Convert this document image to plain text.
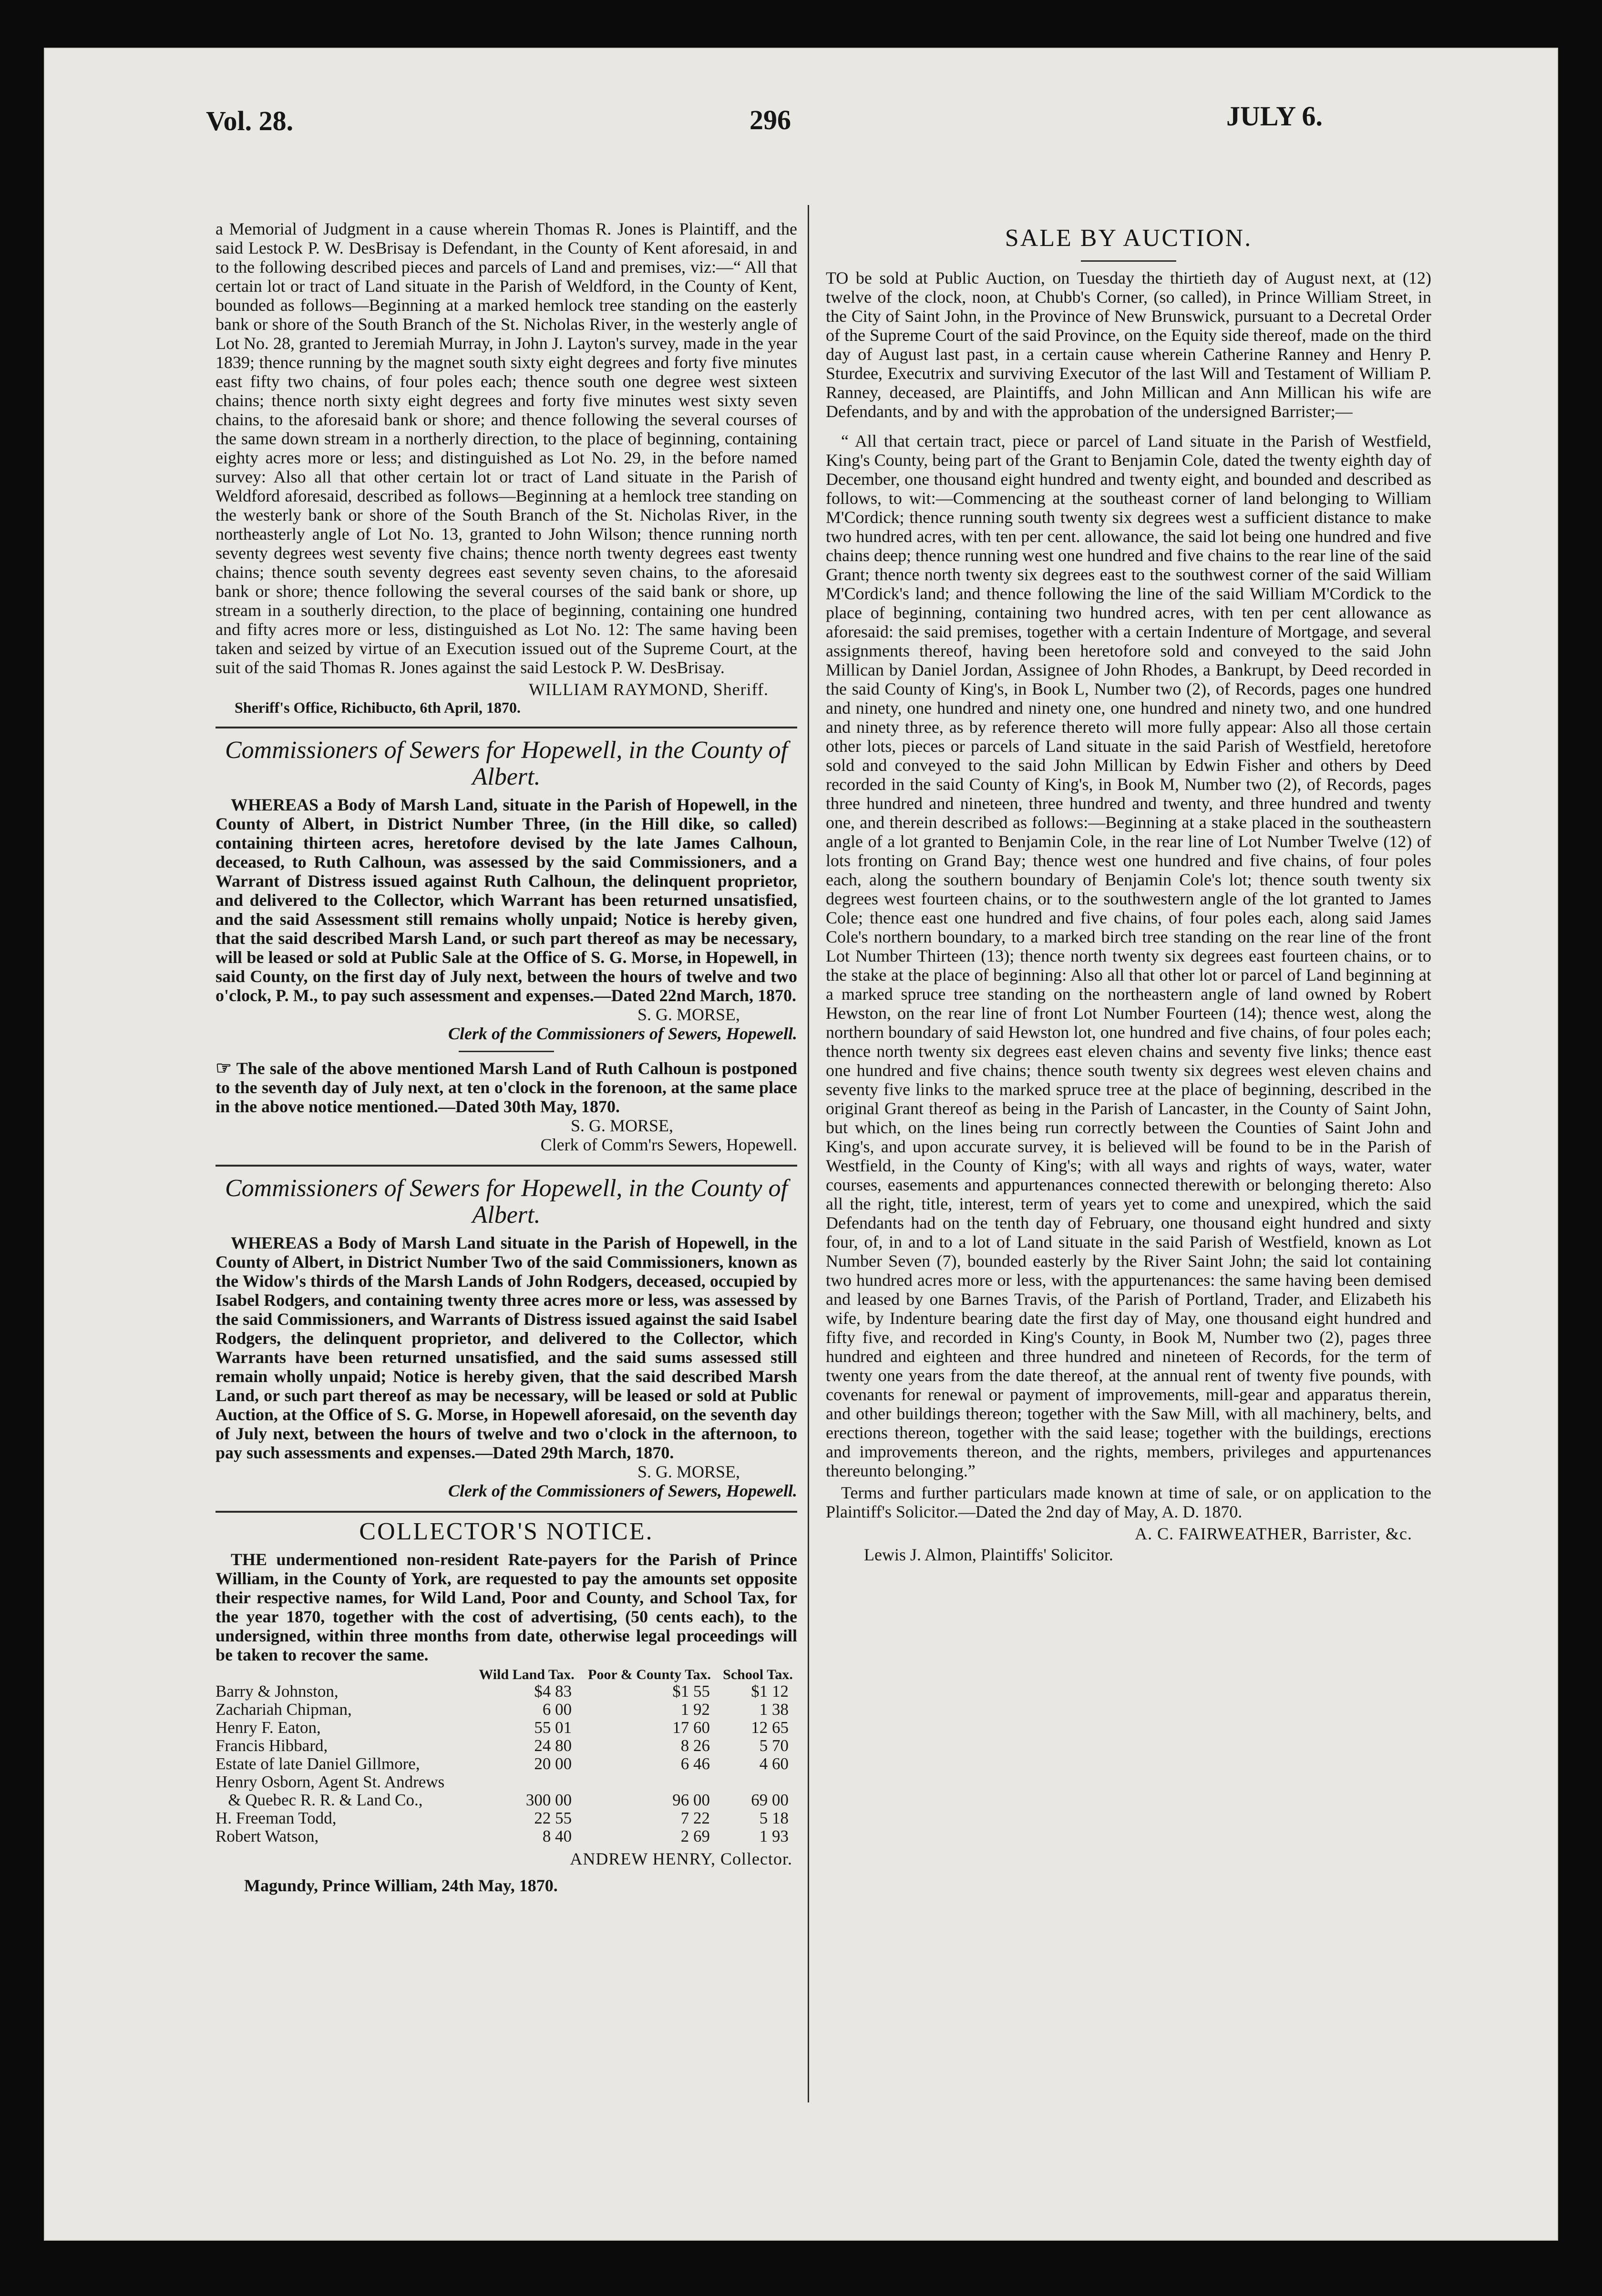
Vol. 28.	296	JULY 6.

a Memorial of Judgment in a cause wherein Thomas R. Jones is Plaintiff, and the said Lestock P. W. DesBrisay is Defendant, in the County of Kent aforesaid, in and to the following described pieces and parcels of Land and premises, viz:—“ All that certain lot or tract of Land situate in the Parish of Weldford, in the County of Kent, bounded as follows—Beginning at a marked hemlock tree standing on the easterly bank or shore of the South Branch of the St. Nicholas River, in the westerly angle of Lot No. 28, granted to Jeremiah Murray, in John J. Layton's survey, made in the year 1839; thence running by the magnet south sixty eight degrees and forty five minutes east fifty two chains, of four poles each; thence south one degree west sixteen chains; thence north sixty eight degrees and forty five minutes west sixty seven chains, to the aforesaid bank or shore; and thence following the several courses of the same down stream in a northerly direction, to the place of beginning, containing eighty acres more or less; and distinguished as Lot No. 29, in the before named survey: Also all that other certain lot or tract of Land situate in the Parish of Weldford aforesaid, described as follows—Beginning at a hemlock tree standing on the westerly bank or shore of the South Branch of the St. Nicholas River, in the northeasterly angle of Lot No. 13, granted to John Wilson; thence running north seventy degrees west seventy five chains; thence north twenty degrees east twenty chains; thence south seventy degrees east seventy seven chains, to the aforesaid bank or shore; thence following the several courses of the said bank or shore, up stream in a southerly direction, to the place of beginning, containing one hundred and fifty acres more or less, distinguished as Lot No. 12: The same having been taken and seized by virtue of an Execution issued out of the Supreme Court, at the suit of the said Thomas R. Jones against the said Lestock P. W. DesBrisay.

WILLIAM RAYMOND, Sheriff.

Sheriff's Office, Richibucto, 6th April, 1870.

Commissioners of Sewers for Hopewell, in the County of Albert.

WHEREAS a Body of Marsh Land, situate in the Parish of Hopewell, in the County of Albert, in District Number Three, (in the Hill dike, so called) containing thirteen acres, heretofore devised by the late James Calhoun, deceased, to Ruth Calhoun, was assessed by the said Commissioners, and a Warrant of Distress issued against Ruth Calhoun, the delinquent proprietor, and delivered to the Collector, which Warrant has been returned unsatisfied, and the said Assessment still remains wholly unpaid; Notice is hereby given, that the said described Marsh Land, or such part thereof as may be necessary, will be leased or sold at Public Sale at the Office of S. G. Morse, in Hopewell, in said County, on the first day of July next, between the hours of twelve and two o'clock, P. M., to pay such assessment and expenses.—Dated 22nd March, 1870.

S. G. MORSE,

Clerk of the Commissioners of Sewers, Hopewell.

☞ The sale of the above mentioned Marsh Land of Ruth Calhoun is postponed to the seventh day of July next, at ten o'clock in the forenoon, at the same place in the above notice mentioned.—Dated 30th May, 1870.

S. G. MORSE,

Clerk of Comm'rs Sewers, Hopewell.

Commissioners of Sewers for Hopewell, in the County of Albert.

WHEREAS a Body of Marsh Land situate in the Parish of Hopewell, in the County of Albert, in District Number Two of the said Commissioners, known as the Widow's thirds of the Marsh Lands of John Rodgers, deceased, occupied by Isabel Rodgers, and containing twenty three acres more or less, was assessed by the said Commissioners, and Warrants of Distress issued against the said Isabel Rodgers, the delinquent proprietor, and delivered to the Collector, which Warrants have been returned unsatisfied, and the said sums assessed still remain wholly unpaid; Notice is hereby given, that the said described Marsh Land, or such part thereof as may be necessary, will be leased or sold at Public Auction, at the Office of S. G. Morse, in Hopewell aforesaid, on the seventh day of July next, between the hours of twelve and two o'clock in the afternoon, to pay such assessments and expenses.—Dated 29th March, 1870.

S. G. MORSE,

Clerk of the Commissioners of Sewers, Hopewell.

COLLECTOR'S NOTICE.

THE undermentioned non-resident Rate-payers for the Parish of Prince William, in the County of York, are requested to pay the amounts set opposite their respective names, for Wild Land, Poor and County, and School Tax, for the year 1870, together with the cost of advertising, (50 cents each), to the undersigned, within three months from date, otherwise legal proceedings will be taken to recover the same.

	Wild Land Tax.	Poor & County Tax.	School Tax.
Barry & Johnston,	$4 83	$1 55	$1 12
Zachariah Chipman,	6 00	1 92	1 38
Henry F. Eaton,	55 01	17 60	12 65
Francis Hibbard,	24 80	8 26	5 70
Estate of late Daniel Gillmore,	20 00	6 46	4 60
Henry Osborn, Agent St. Andrews			
& Quebec R. R. & Land Co.,	300 00	96 00	69 00
H. Freeman Todd,	22 55	7 22	5 18
Robert Watson,	8 40	2 69	1 93

ANDREW HENRY, Collector.

Magundy, Prince William, 24th May, 1870.

SALE BY AUCTION.

TO be sold at Public Auction, on Tuesday the thirtieth day of August next, at (12) twelve of the clock, noon, at Chubb's Corner, (so called), in Prince William Street, in the City of Saint John, in the Province of New Brunswick, pursuant to a Decretal Order of the Supreme Court of the said Province, on the Equity side thereof, made on the third day of August last past, in a certain cause wherein Catherine Ranney and Henry P. Sturdee, Executrix and surviving Executor of the last Will and Testament of William P. Ranney, deceased, are Plaintiffs, and John Millican and Ann Millican his wife are Defendants, and by and with the approbation of the undersigned Barrister;—

“ All that certain tract, piece or parcel of Land situate in the Parish of Westfield, King's County, being part of the Grant to Benjamin Cole, dated the twenty eighth day of December, one thousand eight hundred and twenty eight, and bounded and described as follows, to wit:—Commencing at the southeast corner of land belonging to William M'Cordick; thence running south twenty six degrees west a sufficient distance to make two hundred acres, with ten per cent. allowance, the said lot being one hundred and five chains deep; thence running west one hundred and five chains to the rear line of the said Grant; thence north twenty six degrees east to the southwest corner of the said William M'Cordick's land; and thence following the line of the said William M'Cordick to the place of beginning, containing two hundred acres, with ten per cent allowance as aforesaid: the said premises, together with a certain Indenture of Mortgage, and several assignments thereof, having been heretofore sold and conveyed to the said John Millican by Daniel Jordan, Assignee of John Rhodes, a Bankrupt, by Deed recorded in the said County of King's, in Book L, Number two (2), of Records, pages one hundred and ninety, one hundred and ninety one, one hundred and ninety two, and one hundred and ninety three, as by reference thereto will more fully appear: Also all those certain other lots, pieces or parcels of Land situate in the said Parish of Westfield, heretofore sold and conveyed to the said John Millican by Edwin Fisher and others by Deed recorded in the said County of King's, in Book M, Number two (2), of Records, pages three hundred and nineteen, three hundred and twenty, and three hundred and twenty one, and therein described as follows:—Beginning at a stake placed in the southeastern angle of a lot granted to Benjamin Cole, in the rear line of Lot Number Twelve (12) of lots fronting on Grand Bay; thence west one hundred and five chains, of four poles each, along the southern boundary of Benjamin Cole's lot; thence south twenty six degrees west fourteen chains, or to the southwestern angle of the lot granted to James Cole; thence east one hundred and five chains, of four poles each, along said James Cole's northern boundary, to a marked birch tree standing on the rear line of the front Lot Number Thirteen (13); thence north twenty six degrees east fourteen chains, or to the stake at the place of beginning: Also all that other lot or parcel of Land beginning at a marked spruce tree standing on the northeastern angle of land owned by Robert Hewston, on the rear line of front Lot Number Fourteen (14); thence west, along the northern boundary of said Hewston lot, one hundred and five chains, of four poles each; thence north twenty six degrees east eleven chains and seventy five links; thence east one hundred and five chains; thence south twenty six degrees west eleven chains and seventy five links to the marked spruce tree at the place of beginning, described in the original Grant thereof as being in the Parish of Lancaster, in the County of Saint John, but which, on the lines being run correctly between the Counties of Saint John and King's, and upon accurate survey, it is believed will be found to be in the Parish of Westfield, in the County of King's; with all ways and rights of ways, water, water courses, easements and appurtenances connected therewith or belonging thereto: Also all the right, title, interest, term of years yet to come and unexpired, which the said Defendants had on the tenth day of February, one thousand eight hundred and sixty four, of, in and to a lot of Land situate in the said Parish of Westfield, known as Lot Number Seven (7), bounded easterly by the River Saint John; the said lot containing two hundred acres more or less, with the appurtenances: the same having been demised and leased by one Barnes Travis, of the Parish of Portland, Trader, and Elizabeth his wife, by Indenture bearing date the first day of May, one thousand eight hundred and fifty five, and recorded in King's County, in Book M, Number two (2), pages three hundred and eighteen and three hundred and nineteen of Records, for the term of twenty one years from the date thereof, at the annual rent of twenty five pounds, with covenants for renewal or payment of improvements, mill-gear and apparatus therein, and other buildings thereon; together with the Saw Mill, with all machinery, belts, and erections thereon, together with the said lease; together with the buildings, erections and improvements thereon, and the rights, members, privileges and appurtenances thereunto belonging.”

Terms and further particulars made known at time of sale, or on application to the Plaintiff's Solicitor.—Dated the 2nd day of May, A. D. 1870.

A. C. FAIRWEATHER, Barrister, &c.

Lewis J. Almon, Plaintiffs' Solicitor.
